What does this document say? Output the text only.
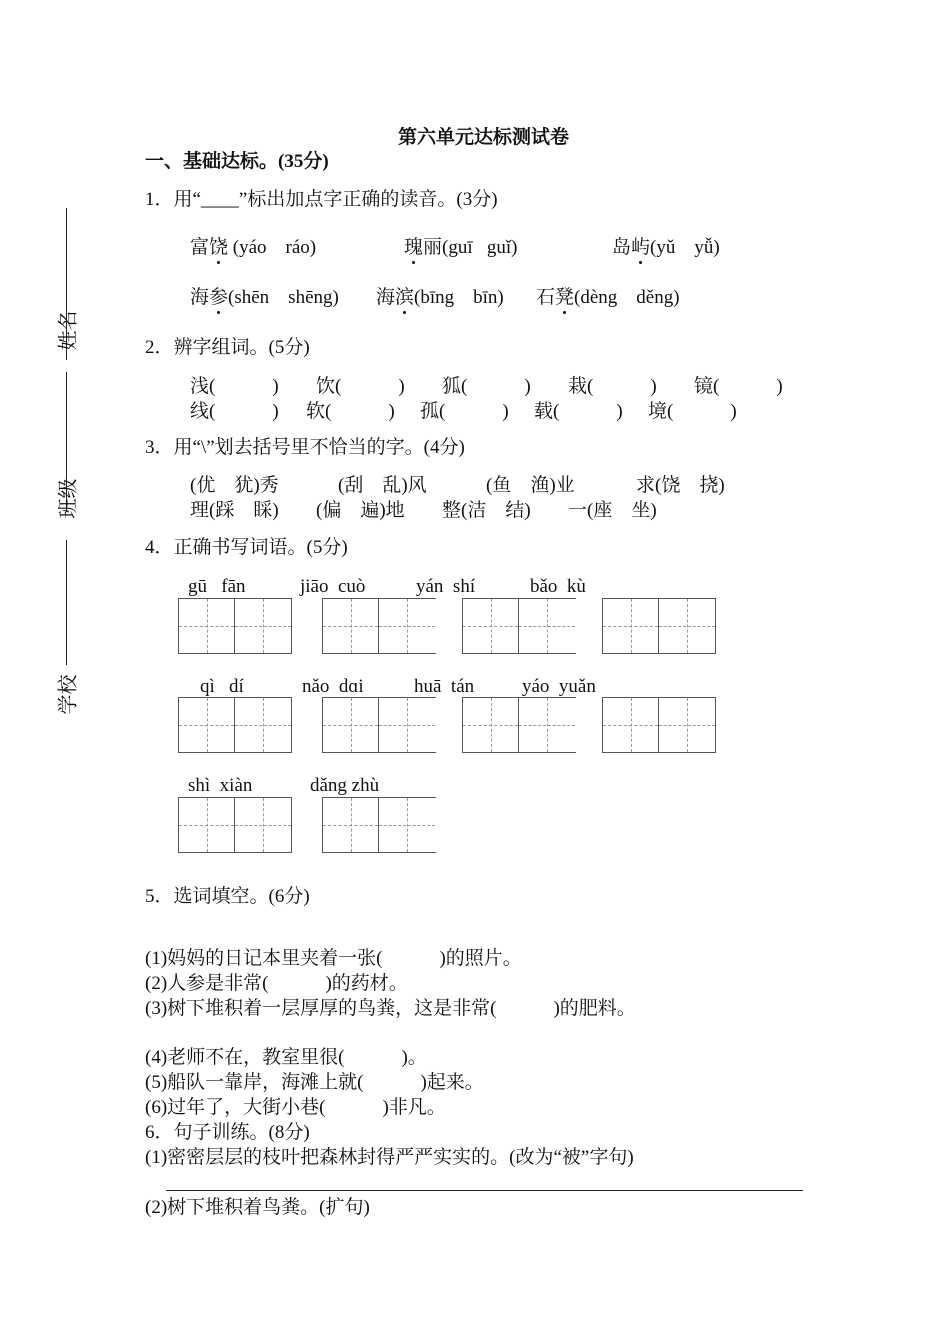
姓名
班级
学校
第六单元达标测试卷
一、基础达标。(35分)
1．用“____”标出加点字正确的读音。(3分)
富饶 (yáo    ráo)	瑰丽(guī   guǐ)	岛屿(yǔ    yǚ)
海参(shēn    shēng) 海滨(bīng    bīn) 石凳(dèng    děng)
2．辨字组词。(5分)
浅(            ) 饮(            ) 狐(            ) 栽(            ) 镜(            )
线(            ) 软(            ) 孤(            ) 载(            ) 境(            )
3．用“\”划去括号里不恰当的字。(4分)
(优    犹)秀	(刮    乱)风	(鱼    渔)业	求(饶    挠)
理(踩    睬) (偏    遍)地 整(洁    结) 一(座    坐)
4．正确书写词语。(5分)
gū   fān	jiāo  cuò	yán  shí	bǎo  kù
qì   dí	nǎo  dɑi	huā  tán	yáo  yuǎn
shì  xiàn	dǎng zhù
5．选词填空。(6分)
(1)妈妈的日记本里夹着一张(            )的照片。
(2)人参是非常(            )的药材。
(3)树下堆积着一层厚厚的鸟粪，这是非常(            )的肥料。
(4)老师不在，教室里很(            )。
(5)船队一靠岸，海滩上就(            )起来。
(6)过年了，大街小巷(            )非凡。
6．句子训练。(8分)
(1)密密层层的枝叶把森林封得严严实实的。(改为“被”字句)
(2)树下堆积着鸟粪。(扩句)
